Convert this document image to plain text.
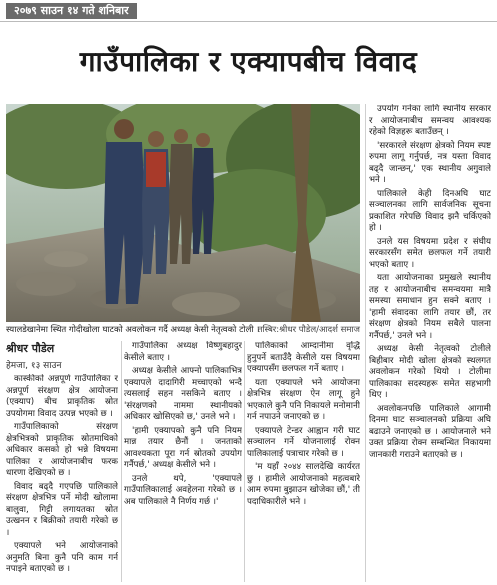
२०७९ साउन १४ गते शनिबार
गाउँपालिका र एक्यापबीच विवाद
स्यालडेखानेमा स्थित गोदीखोला घाटको अवलोकन गर्दै अध्यक्ष केसी नेतृत्वको टोली ।
तस्बिर:श्रीधर पौडेल/आदर्श समाज
श्रीधर पौडेल
हेमजा, १३ साउन

कास्कीको अन्नपूर्ण गाउँपालिका र अन्नपूर्ण संरक्षण क्षेत्र आयोजना (एक्याप) बीच प्राकृतिक स्रोत उपयोगमा विवाद उत्पन्न भएको छ ।

गाउँपालिकाको संरक्षण क्षेत्रभित्रको प्राकृतिक स्रोतमाथिको अधिकार कसको हो भन्ने विषयमा पालिका र आयोजनाबीच फरक धारणा देखिएको छ ।

विवाद बढ्दै गएपछि पालिकाले संरक्षण क्षेत्रभित्र पर्ने मोदी खोलामा बालुवा, गिट्टी लगायतका स्रोत उत्खनन र बिक्रीको तयारी गरेको छ ।

एक्यापले भने आयोजनाको अनुमति बिना कुनै पनि काम गर्न नपाइने बताएको छ ।

गाउँपालिका अध्यक्ष विष्णुबहादुर केसीले बताए ।

अध्यक्ष केसीले आफ्नो पालिकाभित्र एक्यापले दादागिरी मच्चाएको भन्दै त्यसलाई सहन नसकिने बताए । 'संरक्षणको नाममा स्थानीयको अधिकार खोसिएको छ,' उनले भने ।

'हामी एक्यापको कुनै पनि नियम मान्न तयार छैनौं । जनताको आवश्यकता पूरा गर्न स्रोतको उपयोग गर्नैपर्छ,' अध्यक्ष केसीले भने ।

उनले थपे, 'एक्यापले गाउँपालिकालाई अवहेलना गरेको छ । अब पालिकाले नै निर्णय गर्छ ।'

पालिकाको आम्दानीमा वृद्धि हुनुपर्ने बताउँदै केसीले यस विषयमा एक्यापसँग छलफल गर्ने बताए ।

यता एक्यापले भने आयोजना क्षेत्रभित्र संरक्षण ऐन लागू हुने भएकाले कुनै पनि निकायले मनोमानी गर्न नपाउने जनाएको छ ।

एक्यापले टेन्डर आह्वान गरी घाट सञ्चालन गर्ने योजनालाई रोक्न पालिकालाई पत्राचार गरेको छ ।

'म यहाँ २०४४ सालदेखि कार्यरत छु । हामीले आयोजनाको महत्वबारे आम रुपमा बुझाउन खोजेका छौं,' ती पदाधिकारीले भने ।

उपयोग गर्नका लागि स्थानीय सरकार र आयोजनाबीच समन्वय आवश्यक रहेको विज्ञहरू बताउँछन् ।

'सरकारले संरक्षण क्षेत्रको नियम स्पष्ट रुपमा लागू गर्नुपर्छ, नत्र यस्ता विवाद बढ्दै जान्छन्,' एक स्थानीय अगुवाले भने ।

पालिकाले केही दिनअघि घाट सञ्चालनका लागि सार्वजनिक सूचना प्रकाशित गरेपछि विवाद झनै चर्किएको हो ।

उनले यस विषयमा प्रदेश र संघीय सरकारसँग समेत छलफल गर्ने तयारी भएको बताए ।

यता आयोजनाका प्रमुखले स्थानीय तह र आयोजनाबीच समन्वयमा मात्रै समस्या समाधान हुन सक्ने बताए । 'हामी संवादका लागि तयार छौं, तर संरक्षण क्षेत्रको नियम सबैले पालना गर्नैपर्छ,' उनले भने ।

अध्यक्ष केसी नेतृत्वको टोलीले बिहीबार मोदी खोला क्षेत्रको स्थलगत अवलोकन गरेको थियो । टोलीमा पालिकाका सदस्यहरू समेत सहभागी थिए ।

अवलोकनपछि पालिकाले आगामी दिनमा घाट सञ्चालनको प्रक्रिया अघि बढाउने जनाएको छ । आयोजनाले भने उक्त प्रक्रिया रोक्न सम्बन्धित निकायमा जानकारी गराउने बताएको छ ।
